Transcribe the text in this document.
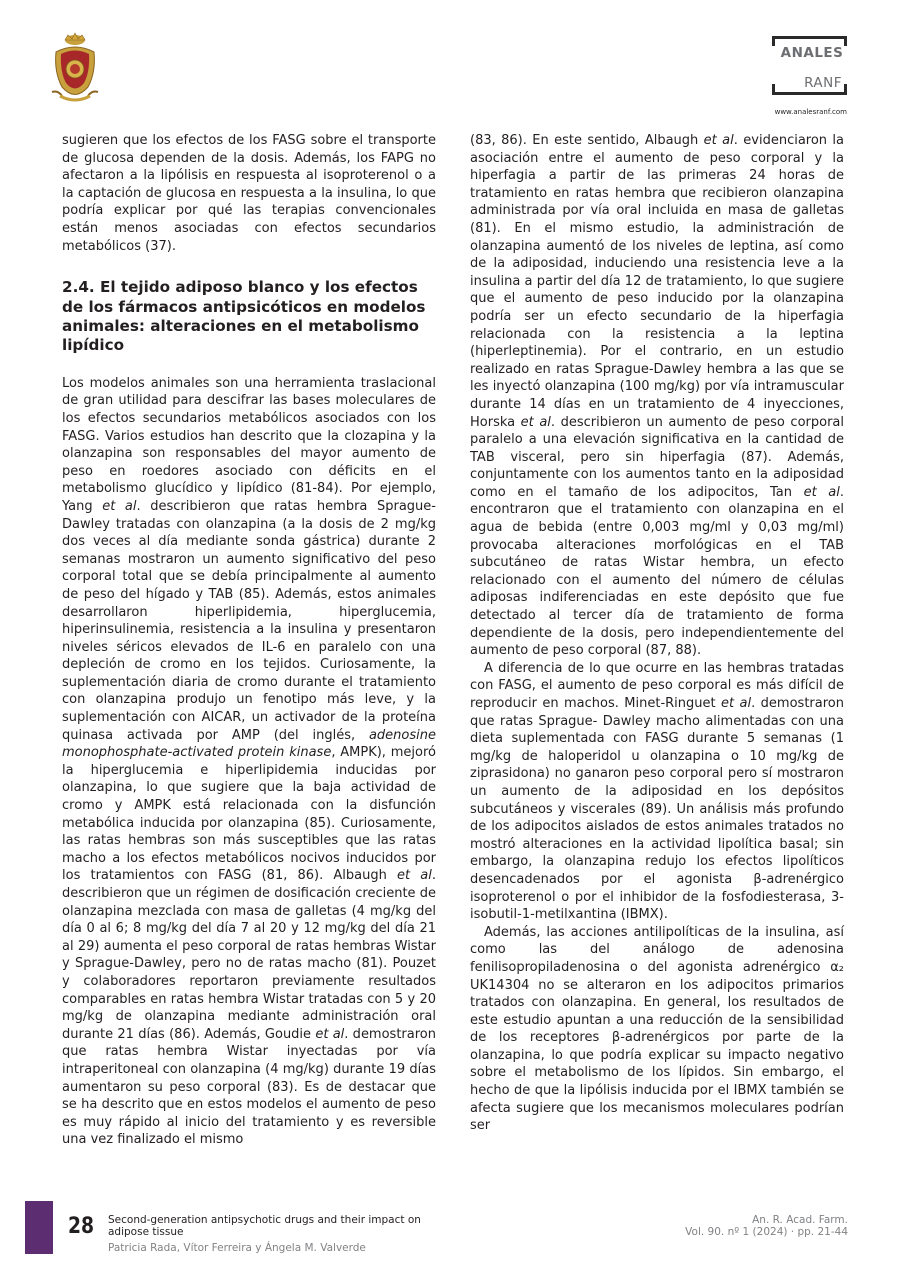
ANALES
RANF
www.analesranf.com

sugieren que los efectos de los FASG sobre el transporte de glucosa dependen de la dosis. Además, los FAPG no afectaron a la lipólisis en respuesta al isoproterenol o a la captación de glucosa en respuesta a la insulina, lo que podría explicar por qué las terapias convencionales están menos asociadas con efectos secundarios metabólicos (37).

2.4. El tejido adiposo blanco y los efectos de los fármacos antipsicóticos en modelos animales: alteraciones en el metabolismo lipídico

Los modelos animales son una herramienta traslacional de gran utilidad para descifrar las bases moleculares de los efectos secundarios metabólicos asociados con los FASG. Varios estudios han descrito que la clozapina y la olanzapina son responsables del mayor aumento de peso en roedores asociado con déficits en el metabolismo glucídico y lipídico (81-84). Por ejemplo, Yang et al. describieron que ratas hembra Sprague-Dawley tratadas con olanzapina (a la dosis de 2 mg/kg dos veces al día mediante sonda gástrica) durante 2 semanas mostraron un aumento significativo del peso corporal total que se debía principalmente al aumento de peso del hígado y TAB (85). Además, estos animales desarrollaron hiperlipidemia, hiperglucemia, hiperinsulinemia, resistencia a la insulina y presentaron niveles séricos elevados de IL-6 en paralelo con una depleción de cromo en los tejidos. Curiosamente, la suplementación diaria de cromo durante el tratamiento con olanzapina produjo un fenotipo más leve, y la suplementación con AICAR, un activador de la proteína quinasa activada por AMP (del inglés, adenosine monophosphate-activated protein kinase, AMPK), mejoró la hiperglucemia e hiperlipidemia inducidas por olanzapina, lo que sugiere que la baja actividad de cromo y AMPK está relacionada con la disfunción metabólica inducida por olanzapina (85). Curiosamente, las ratas hembras son más susceptibles que las ratas macho a los efectos metabólicos nocivos inducidos por los tratamientos con FASG (81, 86). Albaugh et al. describieron que un régimen de dosificación creciente de olanzapina mezclada con masa de galletas (4 mg/kg del día 0 al 6; 8 mg/kg del día 7 al 20 y 12 mg/kg del día 21 al 29) aumenta el peso corporal de ratas hembras Wistar y Sprague-Dawley, pero no de ratas macho (81). Pouzet y colaboradores reportaron previamente resultados comparables en ratas hembra Wistar tratadas con 5 y 20 mg/kg de olanzapina mediante administración oral durante 21 días (86). Además, Goudie et al. demostraron que ratas hembra Wistar inyectadas por vía intraperitoneal con olanzapina (4 mg/kg) durante 19 días aumentaron su peso corporal (83). Es de destacar que se ha descrito que en estos modelos el aumento de peso es muy rápido al inicio del tratamiento y es reversible una vez finalizado el mismo

(83, 86). En este sentido, Albaugh et al. evidenciaron la asociación entre el aumento de peso corporal y la hiperfagia a partir de las primeras 24 horas de tratamiento en ratas hembra que recibieron olanzapina administrada por vía oral incluida en masa de galletas (81). En el mismo estudio, la administración de olanzapina aumentó de los niveles de leptina, así como de la adiposidad, induciendo una resistencia leve a la insulina a partir del día 12 de tratamiento, lo que sugiere que el aumento de peso inducido por la olanzapina podría ser un efecto secundario de la hiperfagia relacionada con la resistencia a la leptina (hiperleptinemia). Por el contrario, en un estudio realizado en ratas Sprague-Dawley hembra a las que se les inyectó olanzapina (100 mg/kg) por vía intramuscular durante 14 días en un tratamiento de 4 inyecciones, Horska et al. describieron un aumento de peso corporal paralelo a una elevación significativa en la cantidad de TAB visceral, pero sin hiperfagia (87). Además, conjuntamente con los aumentos tanto en la adiposidad como en el tamaño de los adipocitos, Tan et al. encontraron que el tratamiento con olanzapina en el agua de bebida (entre 0,003 mg/ml y 0,03 mg/ml) provocaba alteraciones morfológicas en el TAB subcutáneo de ratas Wistar hembra, un efecto relacionado con el aumento del número de células adiposas indiferenciadas en este depósito que fue detectado al tercer día de tratamiento de forma dependiente de la dosis, pero independientemente del aumento de peso corporal (87, 88).

A diferencia de lo que ocurre en las hembras tratadas con FASG, el aumento de peso corporal es más difícil de reproducir en machos. Minet-Ringuet et al. demostraron que ratas Sprague- Dawley macho alimentadas con una dieta suplementada con FASG durante 5 semanas (1 mg/kg de haloperidol u olanzapina o 10 mg/kg de ziprasidona) no ganaron peso corporal pero sí mostraron un aumento de la adiposidad en los depósitos subcutáneos y viscerales (89). Un análisis más profundo de los adipocitos aislados de estos animales tratados no mostró alteraciones en la actividad lipolítica basal; sin embargo, la olanzapina redujo los efectos lipolíticos desencadenados por el agonista β-adrenérgico isoproterenol o por el inhibidor de la fosfodiesterasa, 3-isobutil-1-metilxantina (IBMX).

Además, las acciones antilipolíticas de la insulina, así como las del análogo de adenosina fenilisopropiladenosina o del agonista adrenérgico α₂ UK14304 no se alteraron en los adipocitos primarios tratados con olanzapina. En general, los resultados de este estudio apuntan a una reducción de la sensibilidad de los receptores β-adrenérgicos por parte de la olanzapina, lo que podría explicar su impacto negativo sobre el metabolismo de los lípidos. Sin embargo, el hecho de que la lipólisis inducida por el IBMX también se afecta sugiere que los mecanismos moleculares podrían ser

28 Second-generation antipsychotic drugs and their impact on adipose tissue
Patricia Rada, Vítor Ferreira y Ángela M. Valverde
An. R. Acad. Farm.
Vol. 90. nº 1 (2024) · pp. 21-44
